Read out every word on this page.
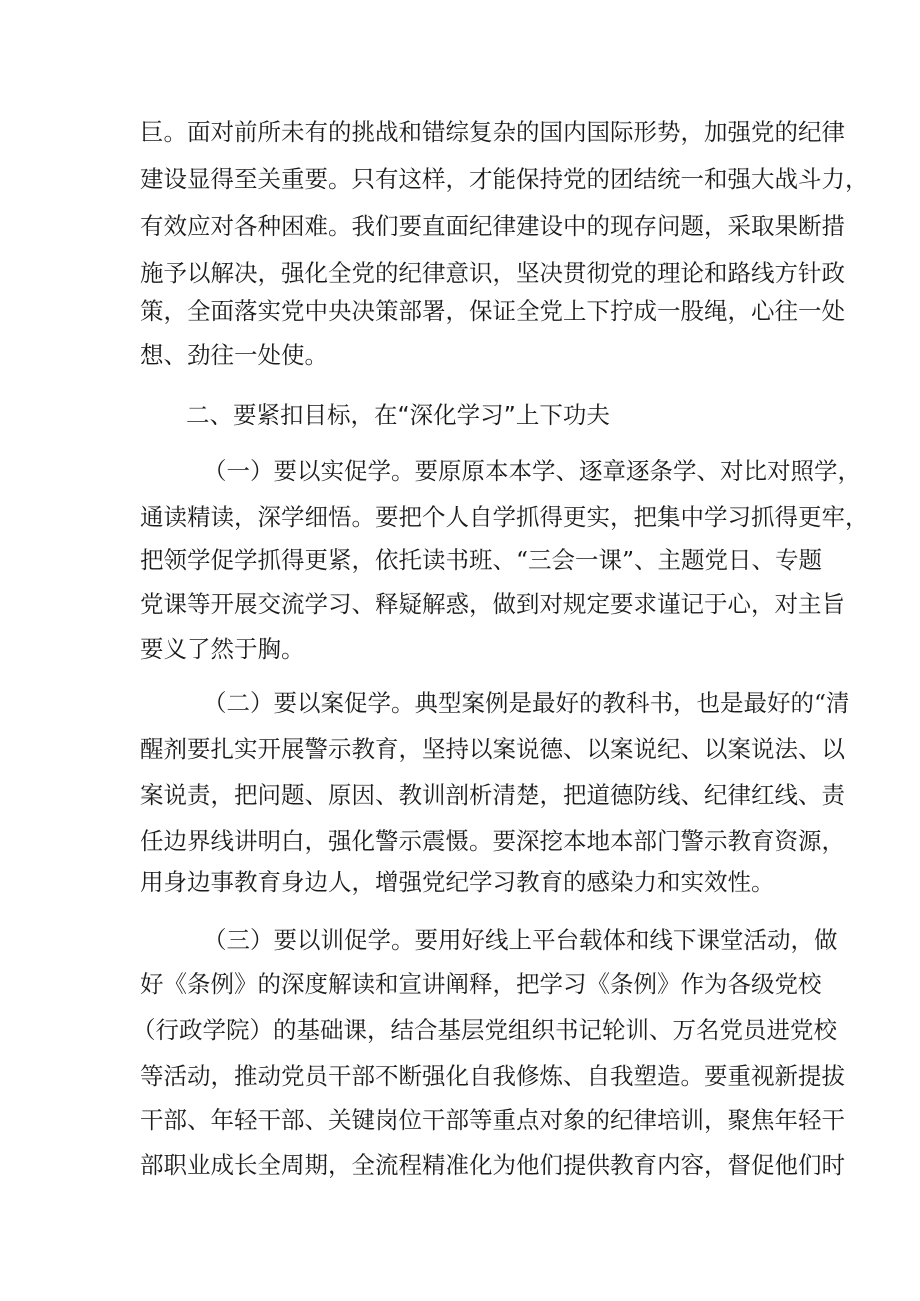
巨。面对前所未有的挑战和错综复杂的国内国际形势，加强党的纪律
建设显得至关重要。只有这样，才能保持党的团结统一和强大战斗力，
有效应对各种困难。我们要直面纪律建设中的现存问题，采取果断措
施予以解决，强化全党的纪律意识，坚决贯彻党的理论和路线方针政
策，全面落实党中央决策部署，保证全党上下拧成一股绳，心往一处
想、劲往一处使。
二、要紧扣目标，在“深化学习”上下功夫
（一）要以实促学。要原原本本学、逐章逐条学、对比对照学，
通读精读，深学细悟。要把个人自学抓得更实，把集中学习抓得更牢，
把领学促学抓得更紧，依托读书班、“三会一课”、主题党日、专题
党课等开展交流学习、释疑解惑，做到对规定要求谨记于心，对主旨
要义了然于胸。
（二）要以案促学。典型案例是最好的教科书，也是最好的“清
醒剂要扎实开展警示教育，坚持以案说德、以案说纪、以案说法、以
案说责，把问题、原因、教训剖析清楚，把道德防线、纪律红线、责
任边界线讲明白，强化警示震慑。要深挖本地本部门警示教育资源，
用身边事教育身边人，增强党纪学习教育的感染力和实效性。
（三）要以训促学。要用好线上平台载体和线下课堂活动，做
好《条例》的深度解读和宣讲阐释，把学习《条例》作为各级党校
（行政学院）的基础课，结合基层党组织书记轮训、万名党员进党校
等活动，推动党员干部不断强化自我修炼、自我塑造。要重视新提拔
干部、年轻干部、关键岗位干部等重点对象的纪律培训，聚焦年轻干
部职业成长全周期，全流程精准化为他们提供教育内容，督促他们时
